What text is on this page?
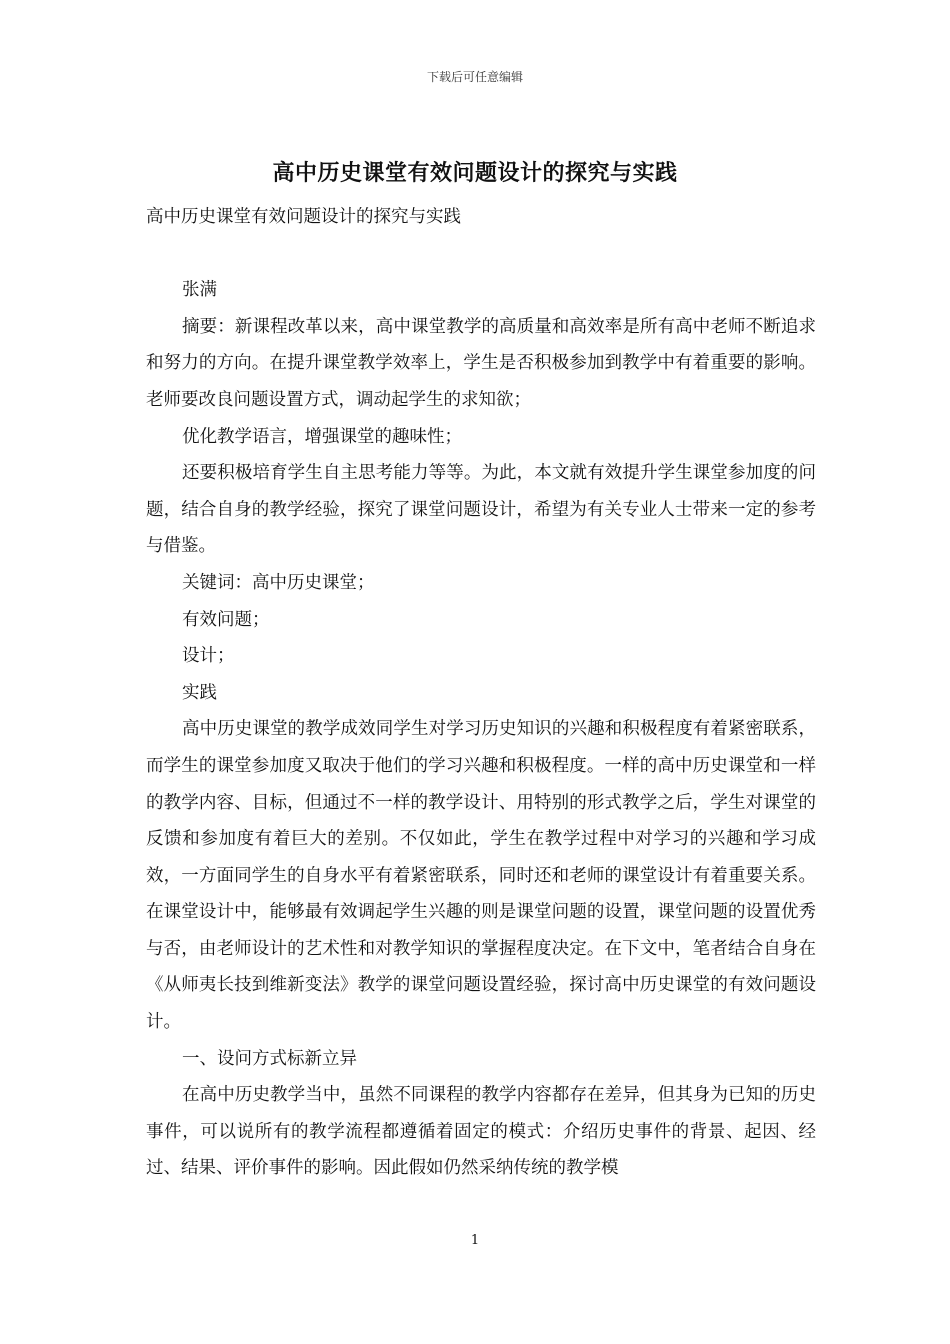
下载后可任意编辑
高中历史课堂有效问题设计的探究与实践

高中历史课堂有效问题设计的探究与实践

张满

摘要：新课程改革以来，高中课堂教学的高质量和高效率是所有高中老师不断追求和努力的方向。在提升课堂教学效率上，学生是否积极参加到教学中有着重要的影响。老师要改良问题设置方式，调动起学生的求知欲；

优化教学语言，增强课堂的趣味性；

还要积极培育学生自主思考能力等等。为此，本文就有效提升学生课堂参加度的问题，结合自身的教学经验，探究了课堂问题设计，希望为有关专业人士带来一定的参考与借鉴。

关键词：高中历史课堂；

有效问题；

设计；

实践

高中历史课堂的教学成效同学生对学习历史知识的兴趣和积极程度有着紧密联系，而学生的课堂参加度又取决于他们的学习兴趣和积极程度。一样的高中历史课堂和一样的教学内容、目标，但通过不一样的教学设计、用特别的形式教学之后，学生对课堂的反馈和参加度有着巨大的差别。不仅如此，学生在教学过程中对学习的兴趣和学习成效，一方面同学生的自身水平有着紧密联系，同时还和老师的课堂设计有着重要关系。在课堂设计中，能够最有效调起学生兴趣的则是课堂问题的设置，课堂问题的设置优秀与否，由老师设计的艺术性和对教学知识的掌握程度决定。在下文中，笔者结合自身在《从师夷长技到维新变法》教学的课堂问题设置经验，探讨高中历史课堂的有效问题设计。

一、设问方式标新立异

在高中历史教学当中，虽然不同课程的教学内容都存在差异，但其身为已知的历史事件，可以说所有的教学流程都遵循着固定的模式：介绍历史事件的背景、起因、经过、结果、评价事件的影响。因此假如仍然采纳传统的教学模

1
